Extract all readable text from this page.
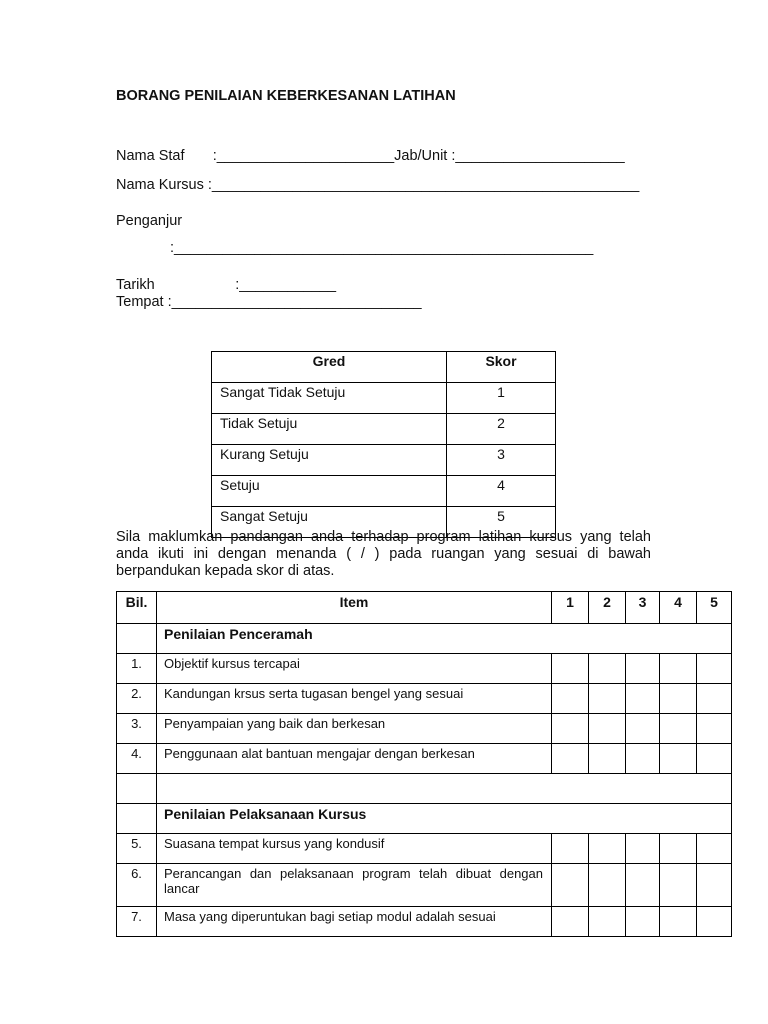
BORANG PENILAIAN KEBERKESANAN LATIHAN
Nama Staf       :______________________Jab/Unit :_____________________
Nama Kursus :_____________________________________________________
Penganjur
:____________________________________________________
Tarikh                    :____________
Tempat :_______________________________
Gred	Skor
Sangat Tidak Setuju	1
Tidak Setuju	2
Kurang Setuju	3
Setuju	4
Sangat Setuju	5
Sila maklumkan pandangan anda terhadap program latihan kursus yang telah anda ikuti ini dengan menanda ( / ) pada ruangan yang sesuai di bawah berpandukan kepada skor di atas.
Bil.	Item	1	2	3	4	5
	Penilaian Penceramah					
1.	Objektif kursus tercapai					
2.	Kandungan krsus serta tugasan bengel yang sesuai					
3.	Penyampaian yang baik dan berkesan					
4.	Penggunaan alat bantuan mengajar dengan berkesan					

	Penilaian Pelaksanaan Kursus					
5.	Suasana tempat kursus yang kondusif					
6.	Perancangan dan pelaksanaan program telah dibuat dengan lancar					
7.	Masa yang diperuntukan bagi setiap modul adalah sesuai					
